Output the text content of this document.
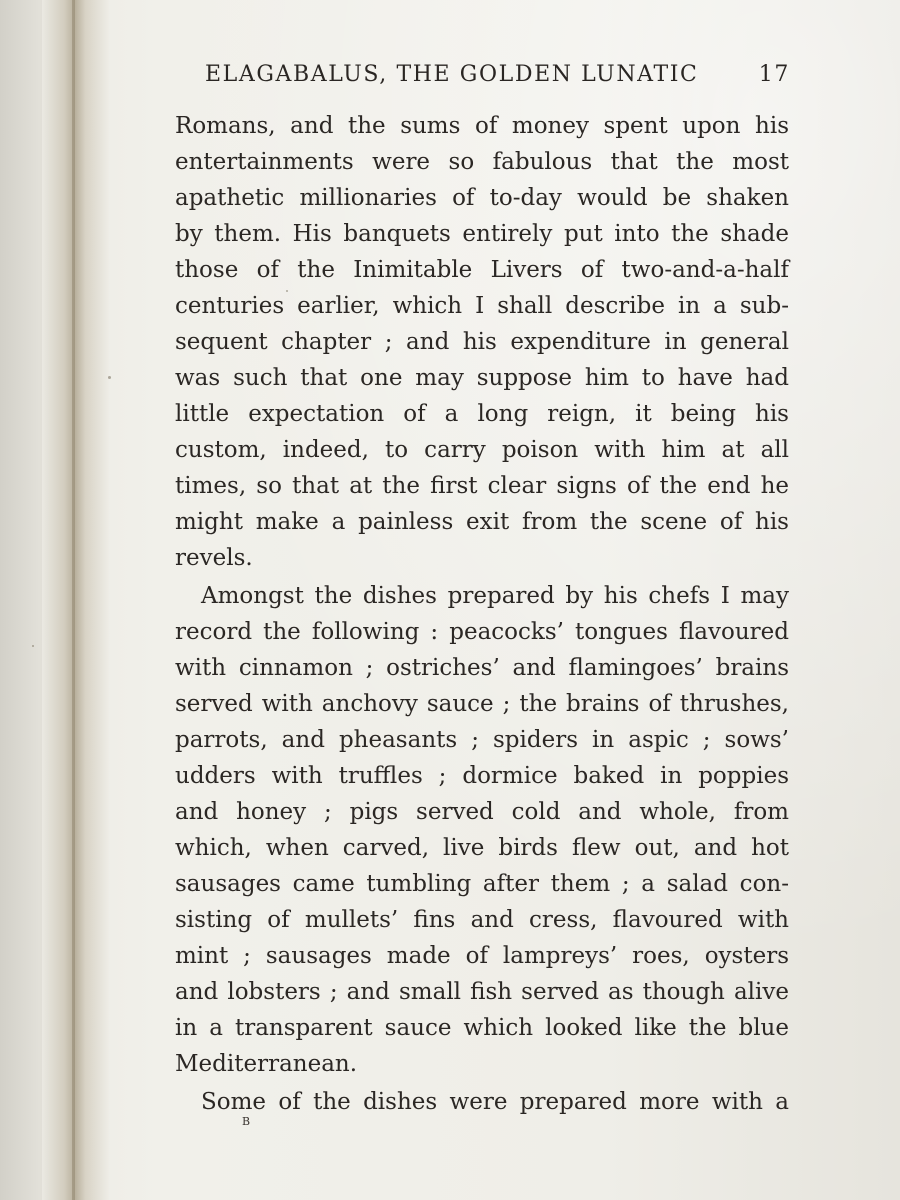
ELAGABALUS, THE GOLDEN LUNATIC	17
Romans, and the sums of money spent upon his
entertainments were so fabulous that the most
apathetic millionaries of to-day would be shaken
by them. His banquets entirely put into the shade
those of the Inimitable Livers of two-and-a-half
centuries earlier, which I shall describe in a sub-
sequent chapter ; and his expenditure in general
was such that one may suppose him to have had
little expectation of a long reign, it being his
custom, indeed, to carry poison with him at all
times, so that at the first clear signs of the end he
might make a painless exit from the scene of his
revels.
Amongst the dishes prepared by his chefs I may
record the following : peacocks’ tongues flavoured
with cinnamon ; ostriches’ and flamingoes’ brains
served with anchovy sauce ; the brains of thrushes,
parrots, and pheasants ; spiders in aspic ; sows’
udders with truffles ; dormice baked in poppies
and honey ; pigs served cold and whole, from
which, when carved, live birds flew out, and hot
sausages came tumbling after them ; a salad con-
sisting of mullets’ fins and cress, flavoured with
mint ; sausages made of lampreys’ roes, oysters
and lobsters ; and small fish served as though alive
in a transparent sauce which looked like the blue
Mediterranean.
Some of the dishes were prepared more with a
B
